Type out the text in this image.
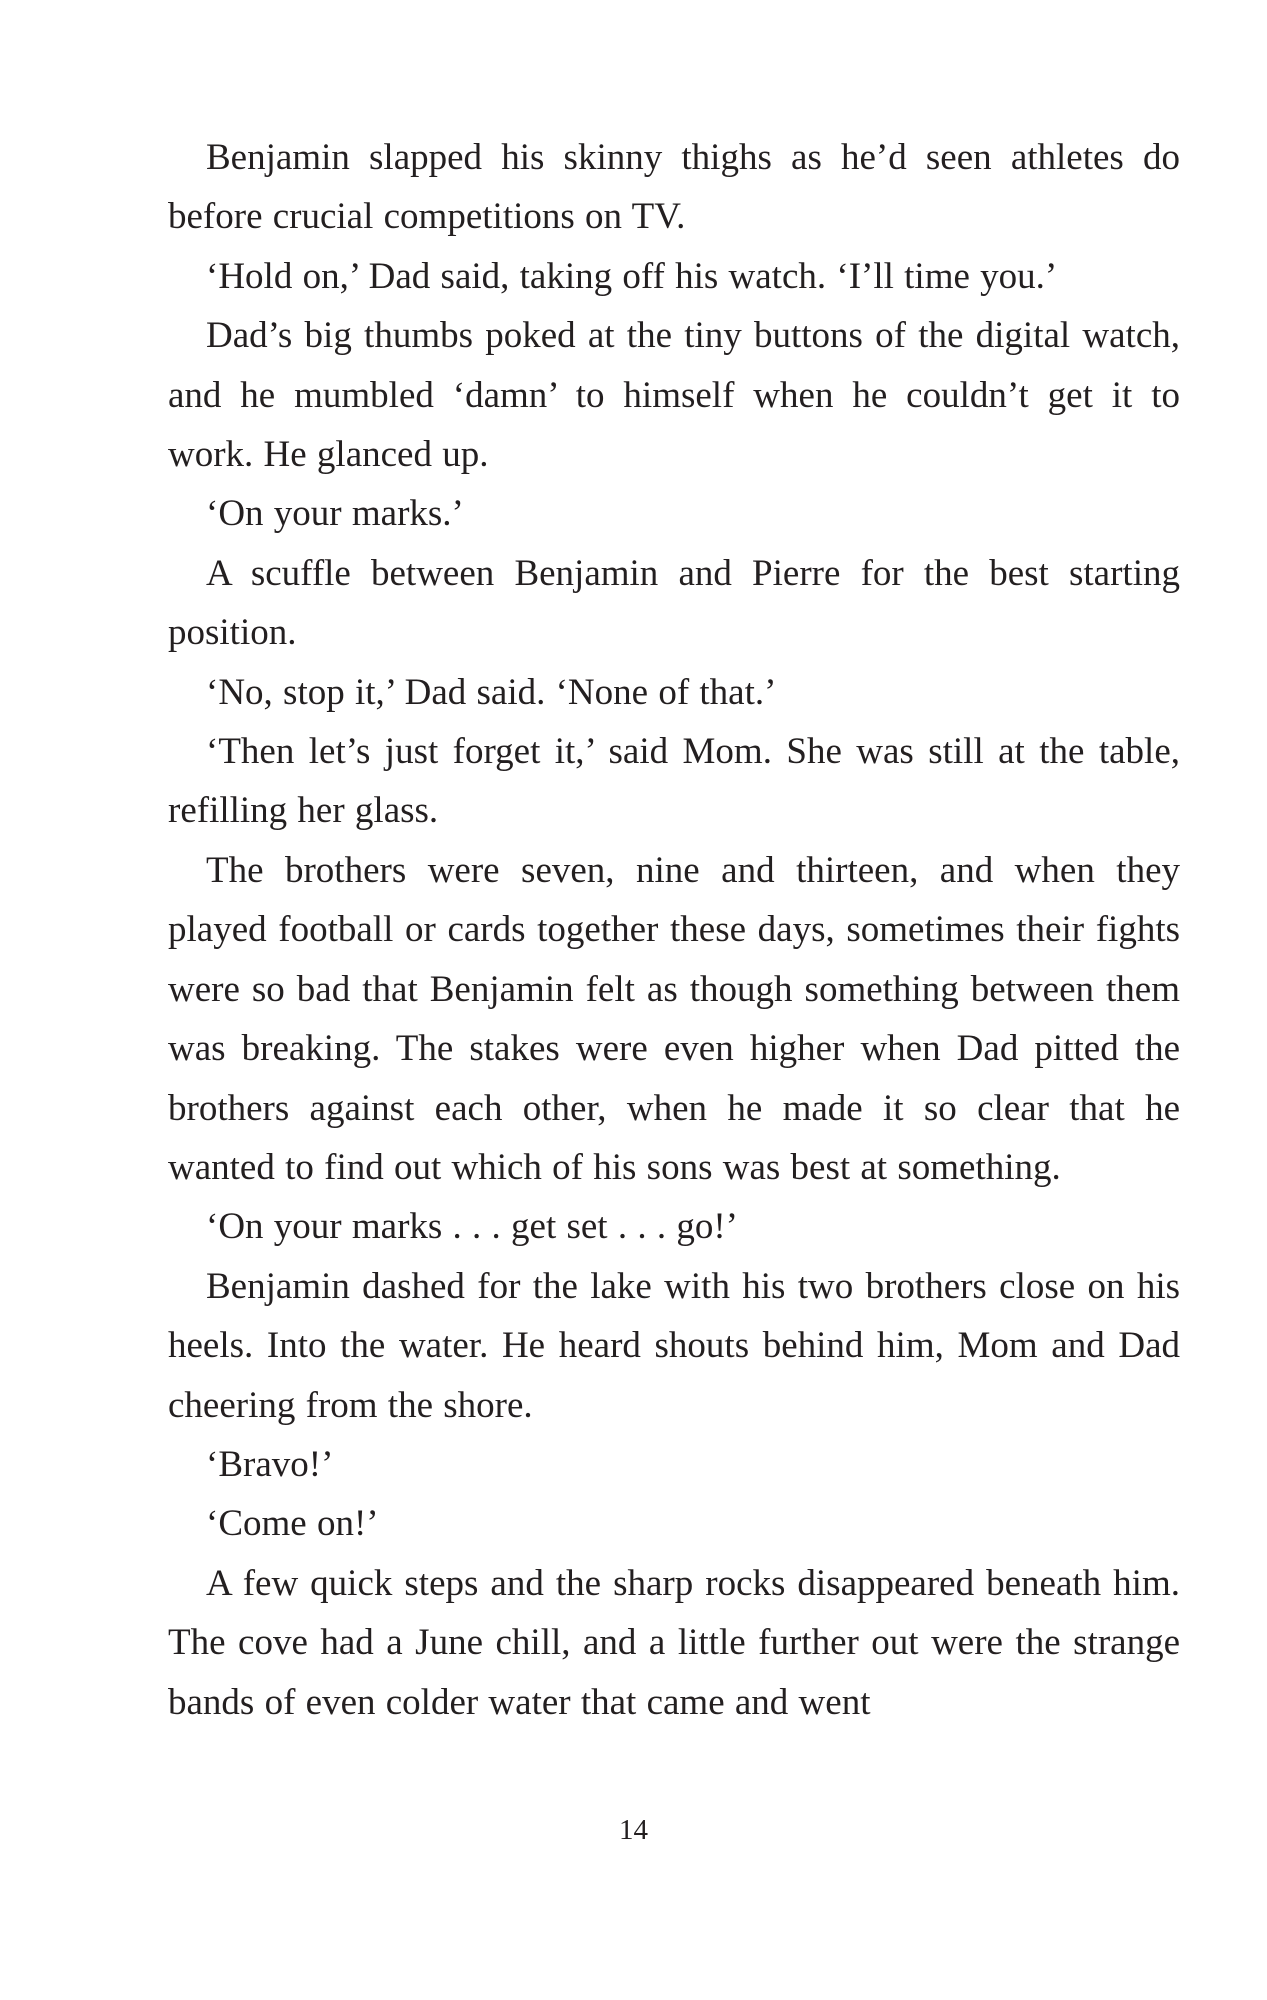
Benjamin slapped his skinny thighs as he’d seen athletes do before crucial competitions on TV.

‘Hold on,’ Dad said, taking off his watch. ‘I’ll time you.’

Dad’s big thumbs poked at the tiny buttons of the digital watch, and he mumbled ‘damn’ to himself when he couldn’t get it to work. He glanced up.

‘On your marks.’

A scuffle between Benjamin and Pierre for the best starting position.

‘No, stop it,’ Dad said. ‘None of that.’

‘Then let’s just forget it,’ said Mom. She was still at the table, refilling her glass.

The brothers were seven, nine and thirteen, and when they played football or cards together these days, sometimes their fights were so bad that Benjamin felt as though something between them was breaking. The stakes were even higher when Dad pitted the brothers against each other, when he made it so clear that he wanted to find out which of his sons was best at something.

‘On your marks . . . get set . . . go!’

Benjamin dashed for the lake with his two brothers close on his heels. Into the water. He heard shouts behind him, Mom and Dad cheering from the shore.

‘Bravo!’

‘Come on!’

A few quick steps and the sharp rocks disappeared beneath him. The cove had a June chill, and a little further out were the strange bands of even colder water that came and went

14
